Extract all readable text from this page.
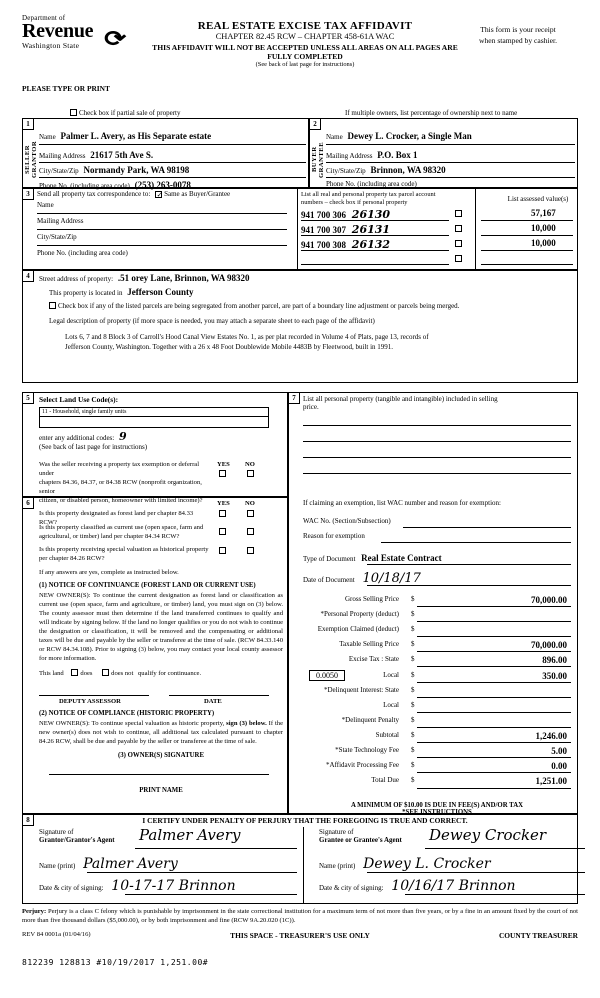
Department of
Revenue
Washington State	⟳	REAL ESTATE EXCISE TAX AFFIDAVIT
CHAPTER 82.45 RCW – CHAPTER 458-61A WAC
THIS AFFIDAVIT WILL NOT BE ACCEPTED UNLESS ALL AREAS ON ALL PAGES ARE FULLY COMPLETED
(See back of last page for instructions)
This form is your receipt
when stamped by cashier.
PLEASE TYPE OR PRINT
Check box if partial sale of property	If multiple owners, list percentage of ownership next to name
1
SELLER
GRANTOR
Name Palmer L. Avery, as His Separate estate
Mailing Address 21617 5th Ave S.
City/State/Zip Normandy Park, WA 98198
Phone No. (including area code) (253) 263-0078
2
BUYER
GRANTEE
Name Dewey L. Crocker, a Single Man
Mailing Address P.O. Box 1
City/State/Zip Brinnon, WA 98320
Phone No. (including area code)
3	Send all property tax correspondence to: ✓ Same as Buyer/Grantee
Name
Mailing Address
City/State/Zip
Phone No. (including area code)
List all real and personal property tax parcel account
numbers – check box if personal property	List assessed value(s)
941 700 306 26130	57,167
941 700 307 26131	10,000
941 700 308 26132	10,000
4	Street address of property: .51 orey Lane, Brinnon, WA 98320
This property is located in Jefferson County
Check box if any of the listed parcels are being segregated from another parcel, are part of a boundary line adjustment or parcels being merged.
Legal description of property (if more space is needed, you may attach a separate sheet to each page of the affidavit)
Lots 6, 7 and 8 Block 3 of Carroll's Hood Canal View Estates No. 1, as per plat recorded in Volume 4 of Plats, page 13, records of
Jefferson County, Washington. Together with a 26 x 48 Foot Doublewide Mobile 4483B by Fleetwood, built in 1991.
5	Select Land Use Code(s):
11 - Household, single family units
enter any additional codes: 9
(See back of last page for instructions)
YES NO
Was the seller receiving a property tax exemption or deferral under
chapters 84.36, 84.37, or 84.38 RCW (nonprofit organization, senior
citizen, or disabled person, homeowner with limited income)?
6	YES NO
Is this property designated as forest land per chapter 84.33 RCW?
Is this property classified as current use (open space, farm and
agricultural, or timber) land per chapter 84.34 RCW?
Is this property receiving special valuation as historical property
per chapter 84.26 RCW?
If any answers are yes, complete as instructed below.
(1) NOTICE OF CONTINUANCE (FOREST LAND OR CURRENT USE)
NEW OWNER(S): To continue the current designation as forest land or classification as current use (open space, farm and agriculture, or timber) land, you must sign on (3) below. The county assessor must then determine if the land transferred continues to qualify and will indicate by signing below. If the land no longer qualifies or you do not wish to continue the designation or classification, it will be removed and the compensating or additional taxes will be due and payable by the seller or transferee at the time of sale. (RCW 84.33.140 or RCW 84.34.108). Prior to signing (3) below, you may contact your local county assessor for more information.
This land	does	does not qualify for continuance.
DEPUTY ASSESSOR	DATE
(2) NOTICE OF COMPLIANCE (HISTORIC PROPERTY)
NEW OWNER(S): To continue special valuation as historic property, sign (3) below. If the new owner(s) does not wish to continue, all additional tax calculated pursuant to chapter 84.26 RCW, shall be due and payable by the seller or transferee at the time of sale.
(3) OWNER(S) SIGNATURE
PRINT NAME
7	List all personal property (tangible and intangible) included in selling
price.
If claiming an exemption, list WAC number and reason for exemption:
WAC No. (Section/Subsection)
Reason for exemption
Type of Document Real Estate Contract
Date of Document 10/18/17
Gross Selling Price $	70,000.00
*Personal Property (deduct) $
Exemption Claimed (deduct) $
Taxable Selling Price $	70,000.00
Excise Tax : State $	896.00
0.0050	Local $	350.00
*Delinquent Interest: State $
Local $
*Delinquent Penalty $
Subtotal $	1,246.00
*State Technology Fee $	5.00
*Affidavit Processing Fee $	0.00
Total Due $	1,251.00
A MINIMUM OF $10.00 IS DUE IN FEE(S) AND/OR TAX
*SEE INSTRUCTIONS
8	I CERTIFY UNDER PENALTY OF PERJURY THAT THE FOREGOING IS TRUE AND CORRECT.
Signature of
Grantor/Grantor's Agent	Palmer Avery
Name (print) Palmer Avery
Date & city of signing: 10-17-17 Brinnon
Signature of
Grantee or Grantee's Agent	Dewey Crocker
Name (print) Dewey L. Crocker
Date & city of signing: 10/16/17 Brinnon
Perjury: Perjury is a class C felony which is punishable by imprisonment in the state correctional institution for a maximum term of not more than five years, or by a fine in an amount fixed by the court of not more than five thousand dollars ($5,000.00), or by both imprisonment and fine (RCW 9A.20.020 (1C)).
REV 84 0001a (01/04/16)	THIS SPACE - TREASURER'S USE ONLY	COUNTY TREASURER
812239 128813 #10/19/2017 1,251.00#
